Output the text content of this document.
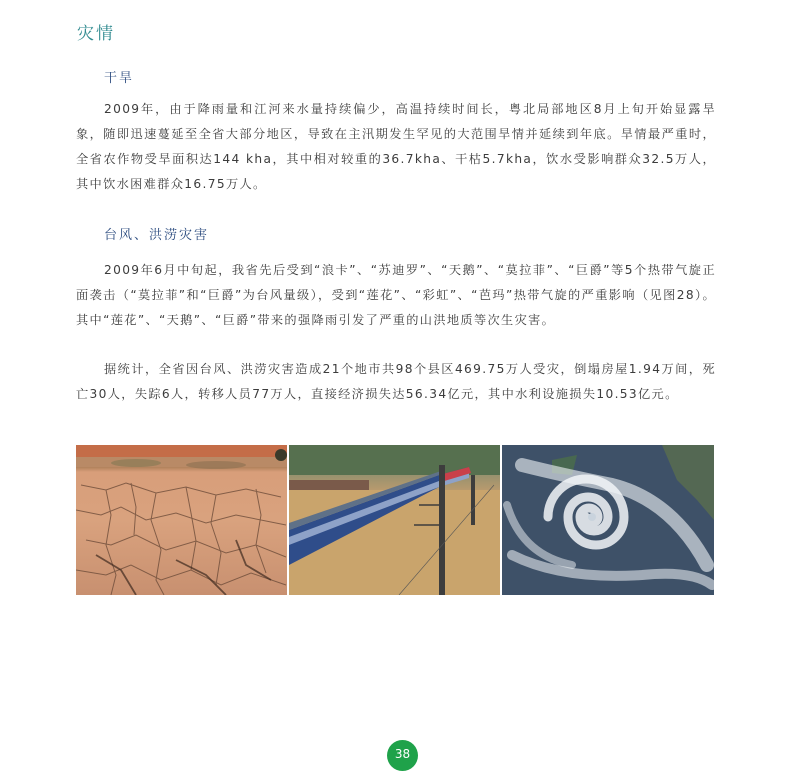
灾情
干旱

2009年，由于降雨量和江河来水量持续偏少，高温持续时间长，粤北局部地区8月上旬开始显露旱象，随即迅速蔓延至全省大部分地区，导致在主汛期发生罕见的大范围旱情并延续到年底。旱情最严重时，全省农作物受旱面积达144 kha，其中相对较重的36.7kha、干枯5.7kha，饮水受影响群众32.5万人，其中饮水困难群众16.75万人。

台风、洪涝灾害

2009年6月中旬起，我省先后受到“浪卡”、“苏迪罗”、“天鹅”、“莫拉菲”、“巨爵”等5个热带气旋正面袭击（“莫拉菲”和“巨爵”为台风量级），受到“莲花”、“彩虹”、“芭玛”热带气旋的严重影响（见图28）。其中“莲花”、“天鹅”、“巨爵”带来的强降雨引发了严重的山洪地质等次生灾害。

据统计，全省因台风、洪涝灾害造成21个地市共98个县区469.75万人受灾，倒塌房屋1.94万间，死亡30人，失踪6人，转移人员77万人，直接经济损失达56.34亿元，其中水利设施损失10.53亿元。

38
